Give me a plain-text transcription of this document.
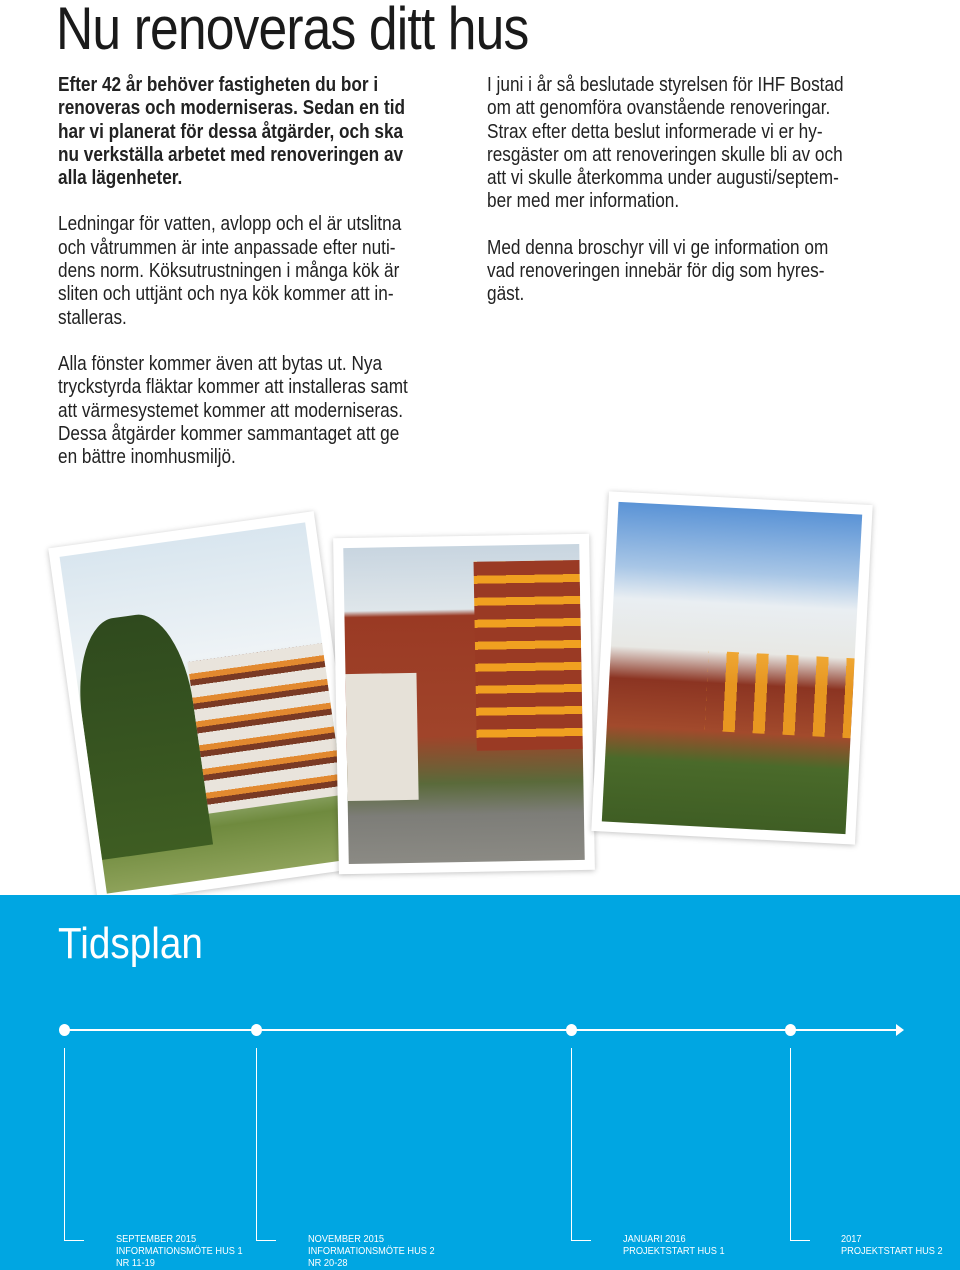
Nu renoveras ditt hus
Efter 42 år behöver fastigheten du bor i
renoveras och moderniseras. Sedan en tid
har vi planerat för dessa åtgärder, och ska
nu verkställa arbetet med renoveringen av
alla lägenheter.
Ledningar för vatten, avlopp och el är utslitna
och våtrummen är inte anpassade efter nuti-
dens norm. Köksutrustningen i många kök är
sliten och uttjänt och nya kök kommer att in-
stalleras.
Alla fönster kommer även att bytas ut. Nya
tryckstyrda fläktar kommer att installeras samt
att värmesystemet kommer att moderniseras.
Dessa åtgärder kommer sammantaget att ge
en bättre inomhusmiljö.
I juni i år så beslutade styrelsen för IHF Bostad
om att genomföra ovanstående renoveringar.
Strax efter detta beslut informerade vi er hy-
resgäster om att renoveringen skulle bli av och
att vi skulle återkomma under augusti/septem-
ber med mer information.
Med denna broschyr vill vi ge information om
vad renoveringen innebär för dig som hyres-
gäst.
Tidsplan
SEPTEMBER 2015
INFORMATIONSMÖTE HUS 1
NR 11-19
NOVEMBER 2015
INFORMATIONSMÖTE HUS 2
NR 20-28
JANUARI 2016
PROJEKTSTART HUS 1
2017
PROJEKTSTART HUS 2
